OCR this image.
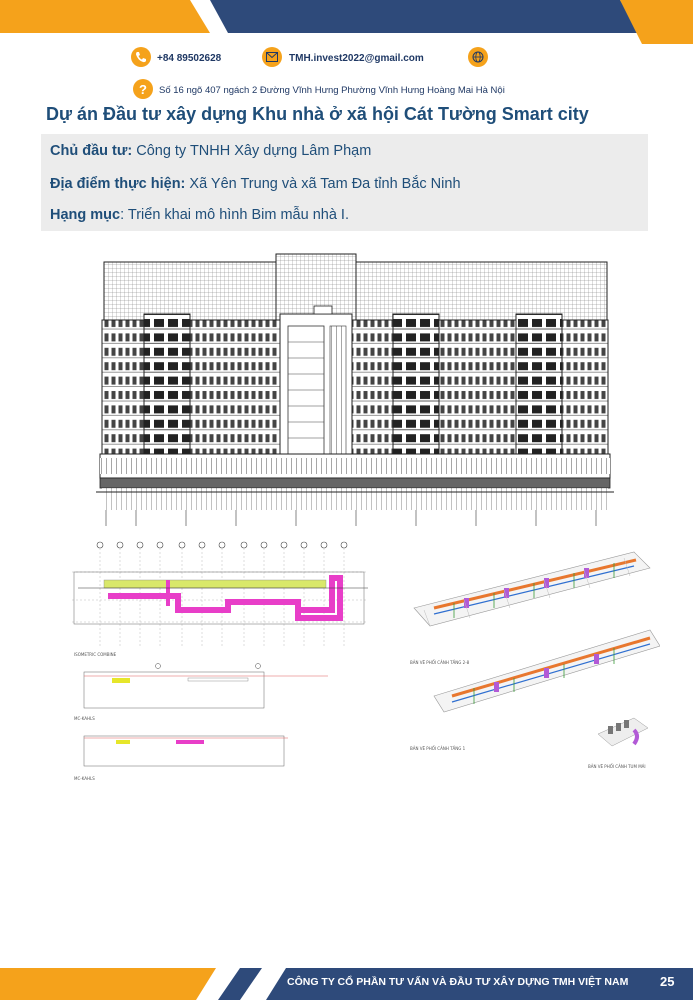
+84 89502628	TMH.invest2022@gmail.com
? Số 16 ngõ 407 ngách 2 Đường Vĩnh Hưng Phường Vĩnh Hưng Hoàng Mai Hà Nội
Dự án Đầu tư xây dựng Khu nhà ở xã hội Cát Tường Smart city
Chủ đầu tư: Công ty TNHH Xây dựng Lâm Phạm
Địa điểm thực hiện: Xã Yên Trung và xã Tam Đa tỉnh Bắc Ninh
Hạng mục: Triển khai mô hình Bim mẫu nhà I.
ISOMETRIC COMBINE
MC-KAHLS
MC-KAHLS
BẢN VẼ PHỐI CẢNH TẦNG 2-8
BẢN VẼ PHỐI CẢNH TẦNG 1
BẢN VẼ PHỐI CẢNH TUM MÁI
CÔNG TY CỔ PHẦN TƯ VẤN VÀ ĐẦU TƯ XÂY DỰNG TMH VIỆT NAM 25
